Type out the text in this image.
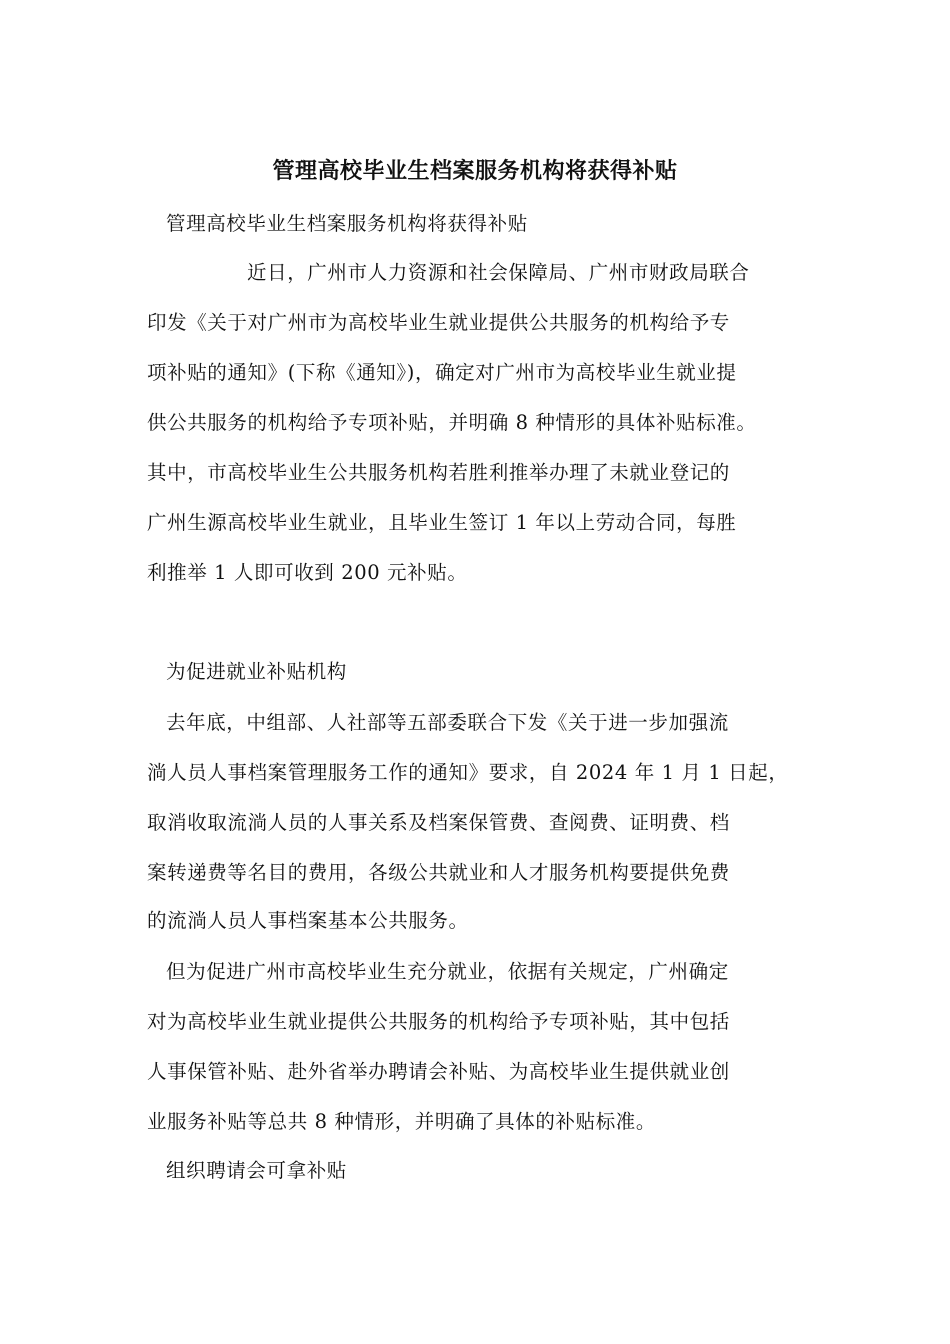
管理高校毕业生档案服务机构将获得补贴
管理高校毕业生档案服务机构将获得补贴
近日，广州市人力资源和社会保障局、广州市财政局联合
印发《关于对广州市为高校毕业生就业提供公共服务的机构给予专
项补贴的通知》(下称《通知》)，确定对广州市为高校毕业生就业提
供公共服务的机构给予专项补贴，并明确 8 种情形的具体补贴标准。
其中，市高校毕业生公共服务机构若胜利推举办理了未就业登记的
广州生源高校毕业生就业，且毕业生签订 1 年以上劳动合同，每胜
利推举 1 人即可收到 200 元补贴。
为促进就业补贴机构
去年底，中组部、人社部等五部委联合下发《关于进一步加强流
淌人员人事档案管理服务工作的通知》要求，自 2024 年 1 月 1 日起，
取消收取流淌人员的人事关系及档案保管费、查阅费、证明费、档
案转递费等名目的费用，各级公共就业和人才服务机构要提供免费
的流淌人员人事档案基本公共服务。
但为促进广州市高校毕业生充分就业，依据有关规定，广州确定
对为高校毕业生就业提供公共服务的机构给予专项补贴，其中包括
人事保管补贴、赴外省举办聘请会补贴、为高校毕业生提供就业创
业服务补贴等总共 8 种情形，并明确了具体的补贴标准。
组织聘请会可拿补贴
